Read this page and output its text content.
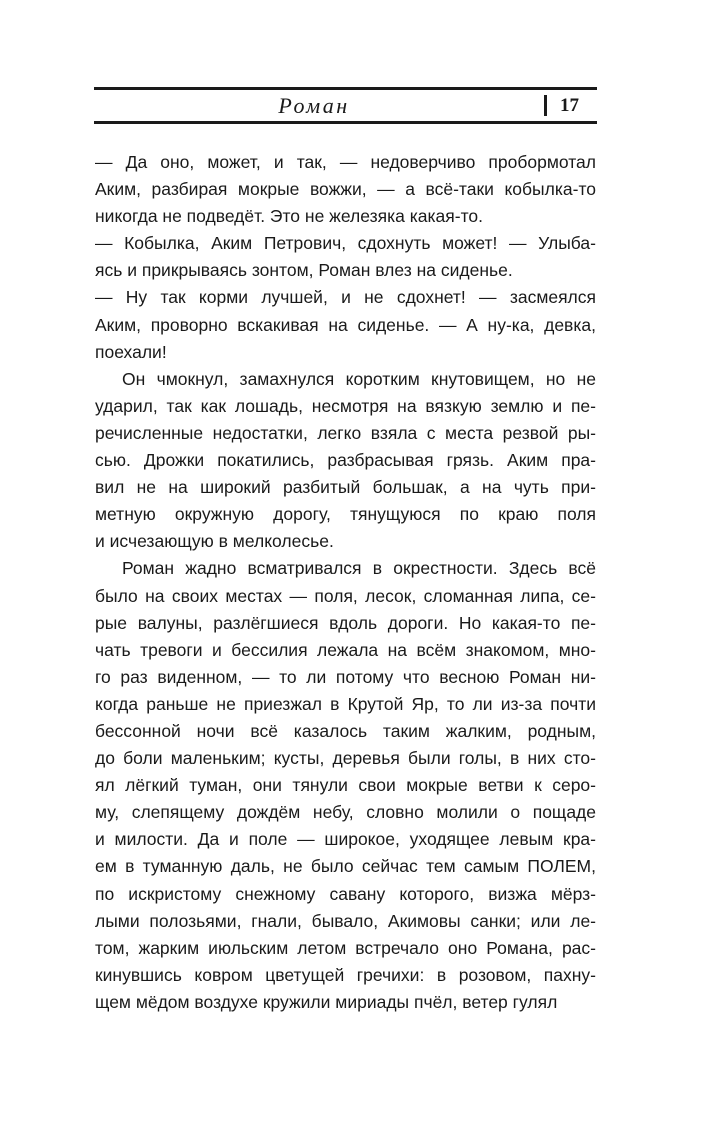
Роман	17
— Да оно, может, и так, — недоверчиво пробормотал
Аким, разбирая мокрые вожжи, — а всё-таки кобылка-то
никогда не подведёт. Это не железяка какая-то.
— Кобылка, Аким Петрович, сдохнуть может! — Улыба-
ясь и прикрываясь зонтом, Роман влез на сиденье.
— Ну так корми лучшей, и не сдохнет! — засмеялся
Аким, проворно вскакивая на сиденье. — А ну-ка, девка,
поехали!
Он чмокнул, замахнулся коротким кнутовищем, но не
ударил, так как лошадь, несмотря на вязкую землю и пе-
речисленные недостатки, легко взяла с места резвой ры-
сью. Дрожки покатились, разбрасывая грязь. Аким пра-
вил не на широкий разбитый большак, а на чуть при-
метную окружную дорогу, тянущуюся по краю поля
и исчезающую в мелколесье.
Роман жадно всматривался в окрестности. Здесь всё
было на своих местах — поля, лесок, сломанная липа, се-
рые валуны, разлёгшиеся вдоль дороги. Но какая-то пе-
чать тревоги и бессилия лежала на всём знакомом, мно-
го раз виденном, — то ли потому что весною Роман ни-
когда раньше не приезжал в Крутой Яр, то ли из-за почти
бессонной ночи всё казалось таким жалким, родным,
до боли маленьким; кусты, деревья были голы, в них сто-
ял лёгкий туман, они тянули свои мокрые ветви к серо-
му, слепящему дождём небу, словно молили о пощаде
и милости. Да и поле — широкое, уходящее левым кра-
ем в туманную даль, не было сейчас тем самым ПОЛЕМ,
по искристому снежному савану которого, визжа мёрз-
лыми полозьями, гнали, бывало, Акимовы санки; или ле-
том, жарким июльским летом встречало оно Романа, рас-
кинувшись ковром цветущей гречихи: в розовом, пахну-
щем мёдом воздухе кружили мириады пчёл, ветер гулял
